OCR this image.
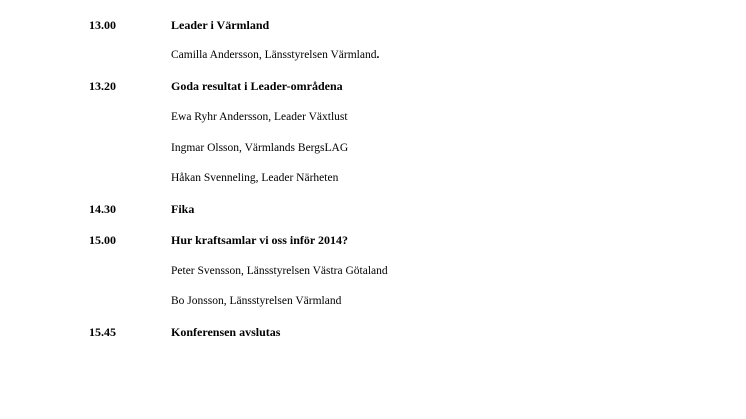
13.00	Leader i Värmland
Camilla Andersson, Länsstyrelsen Värmland.
13.20	Goda resultat i Leader-områdena
Ewa Ryhr Andersson, Leader Växtlust
Ingmar Olsson, Värmlands BergsLAG
Håkan Svenneling, Leader Närheten
14.30	Fika
15.00	Hur kraftsamlar vi oss inför 2014?
Peter Svensson, Länsstyrelsen Västra Götaland
Bo Jonsson, Länsstyrelsen Värmland
15.45	Konferensen avslutas
